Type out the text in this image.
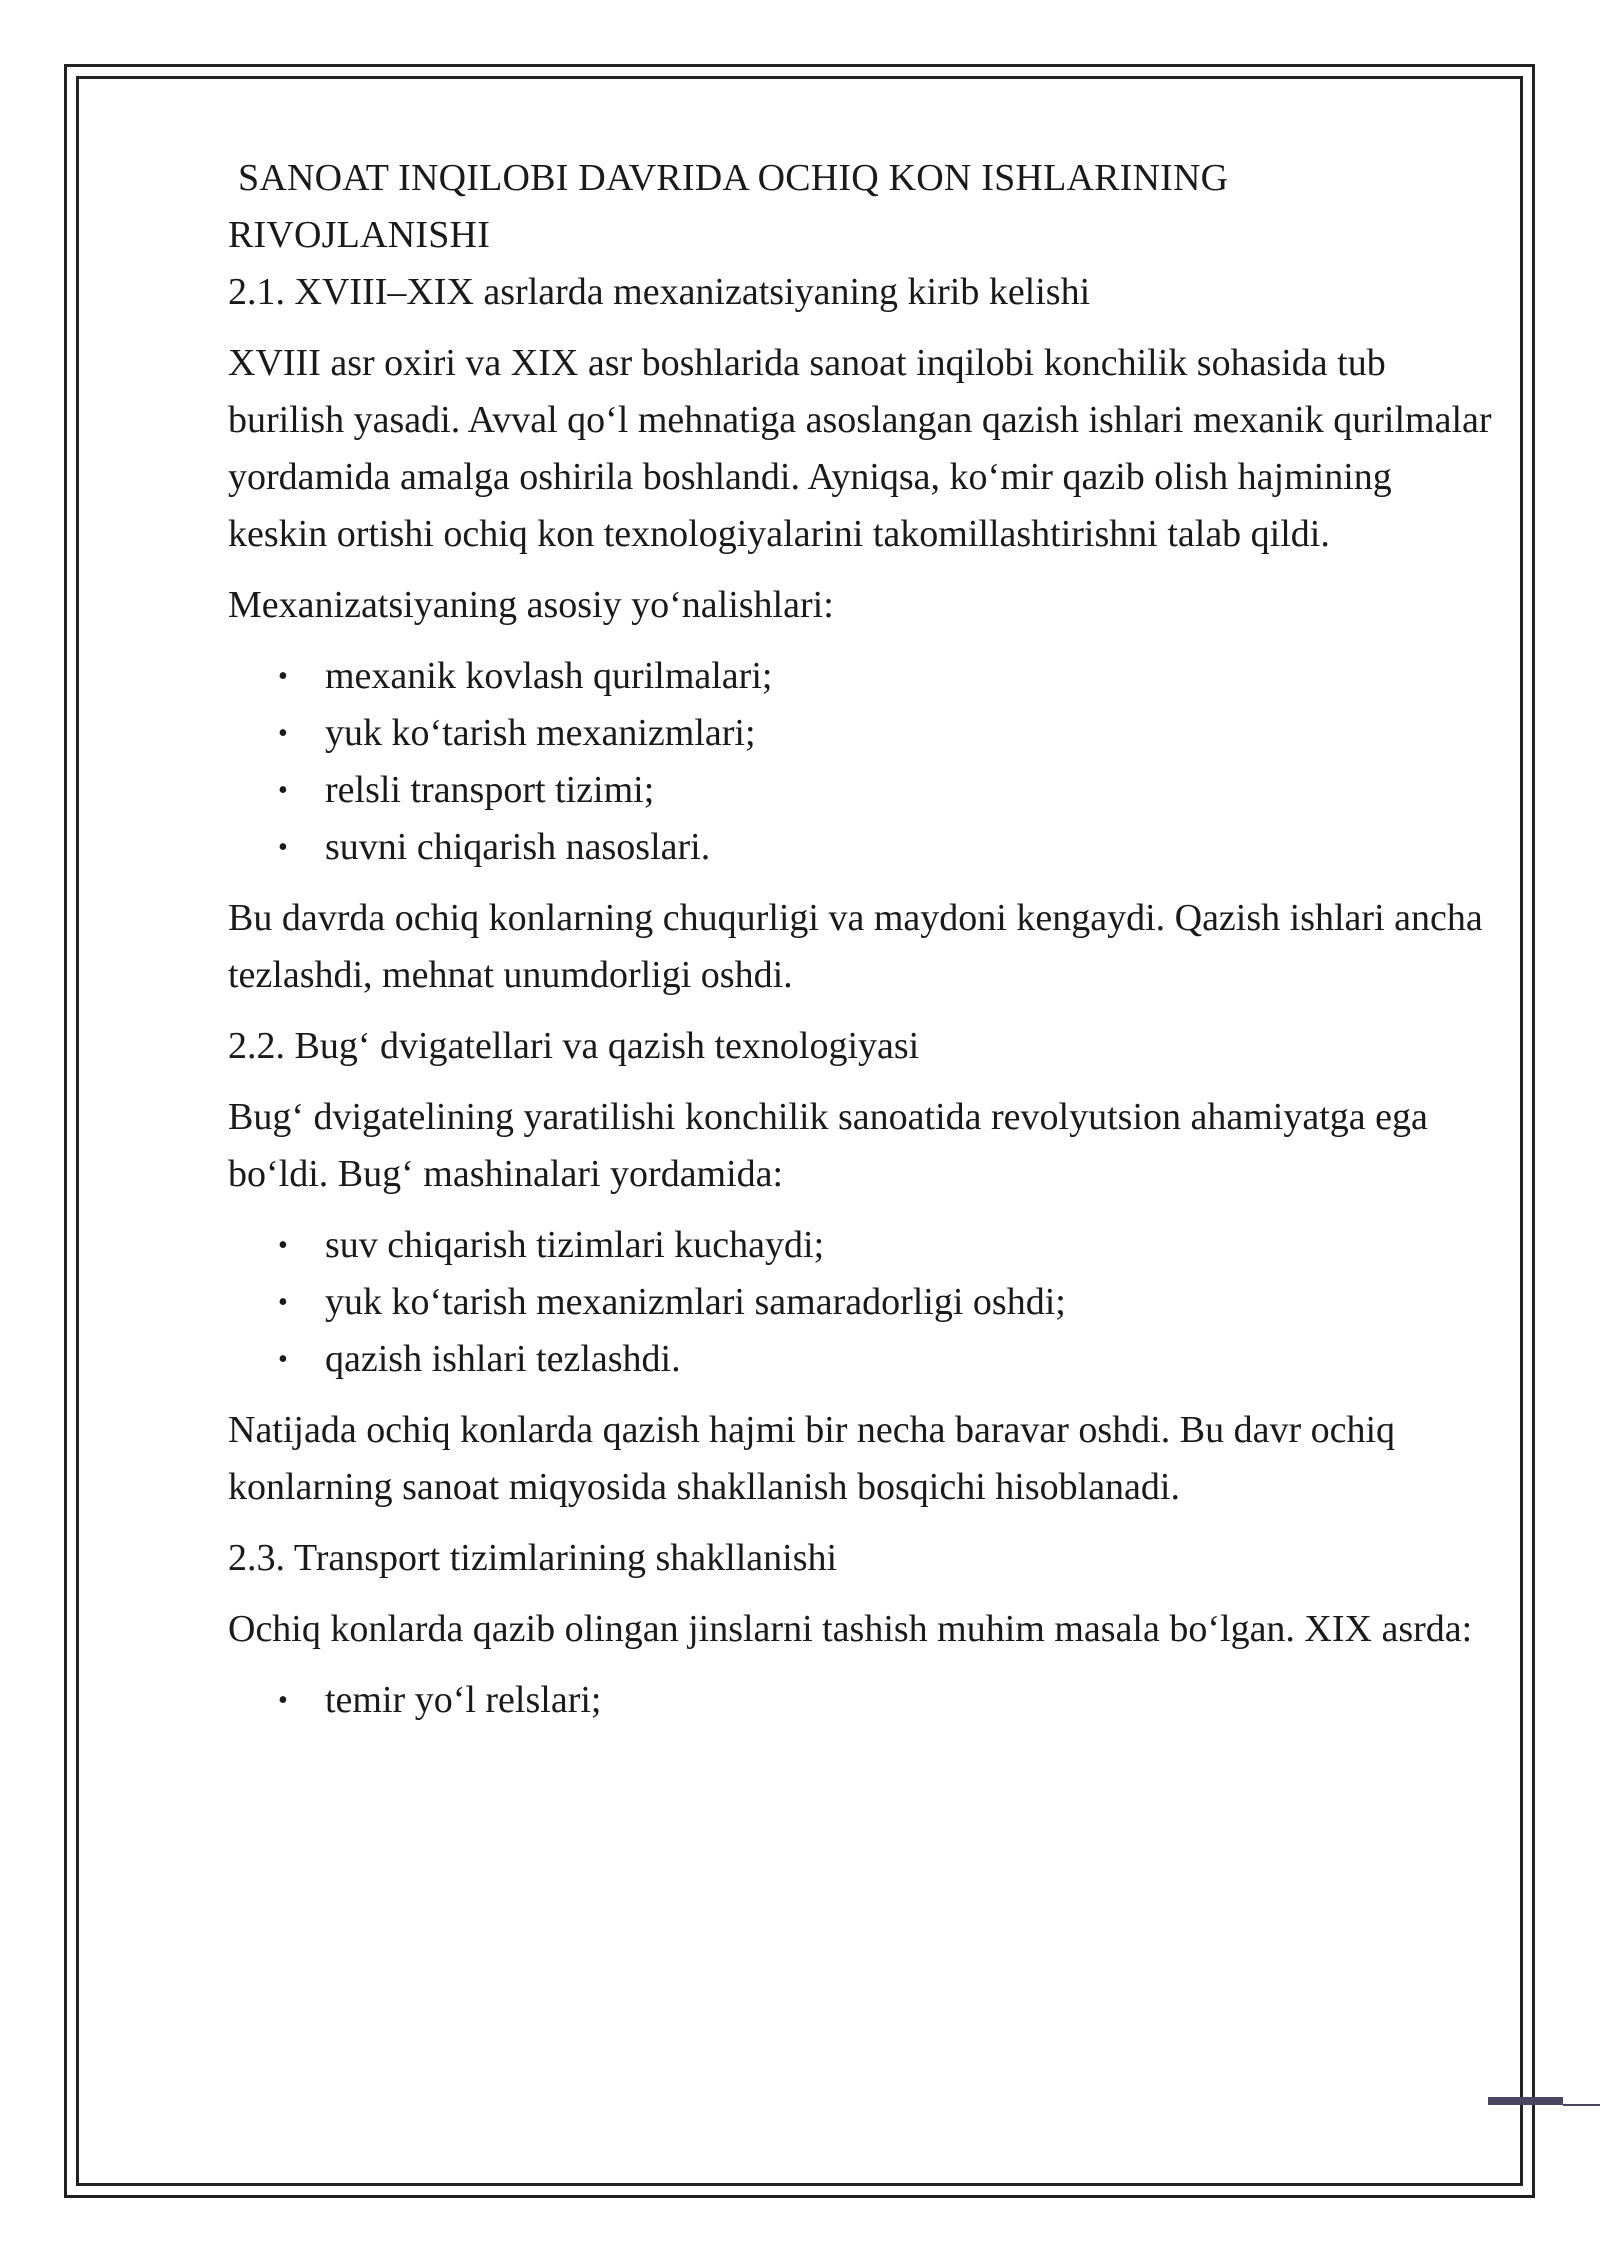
SANOAT INQILOBI DAVRIDA OCHIQ KON ISHLARINING RIVOJLANISHI
2.1. XVIII–XIX asrlarda mexanizatsiyaning kirib kelishi

XVIII asr oxiri va XIX asr boshlarida sanoat inqilobi konchilik sohasida tub burilish yasadi. Avval qo‘l mehnatiga asoslangan qazish ishlari mexanik qurilmalar yordamida amalga oshirila boshlandi. Ayniqsa, ko‘mir qazib olish hajmining keskin ortishi ochiq kon texnologiyalarini takomillashtirishni talab qildi.

Mexanizatsiyaning asosiy yo‘nalishlari:

• mexanik kovlash qurilmalari;
• yuk ko‘tarish mexanizmlari;
• relsli transport tizimi;
• suvni chiqarish nasoslari.

Bu davrda ochiq konlarning chuqurligi va maydoni kengaydi. Qazish ishlari ancha tezlashdi, mehnat unumdorligi oshdi.

2.2. Bug‘ dvigatellari va qazish texnologiyasi

Bug‘ dvigatelining yaratilishi konchilik sanoatida revolyutsion ahamiyatga ega bo‘ldi. Bug‘ mashinalari yordamida:

• suv chiqarish tizimlari kuchaydi;
• yuk ko‘tarish mexanizmlari samaradorligi oshdi;
• qazish ishlari tezlashdi.

Natijada ochiq konlarda qazish hajmi bir necha baravar oshdi. Bu davr ochiq konlarning sanoat miqyosida shakllanish bosqichi hisoblanadi.

2.3. Transport tizimlarining shakllanishi

Ochiq konlarda qazib olingan jinslarni tashish muhim masala bo‘lgan. XIX asrda:

• temir yo‘l relslari;
